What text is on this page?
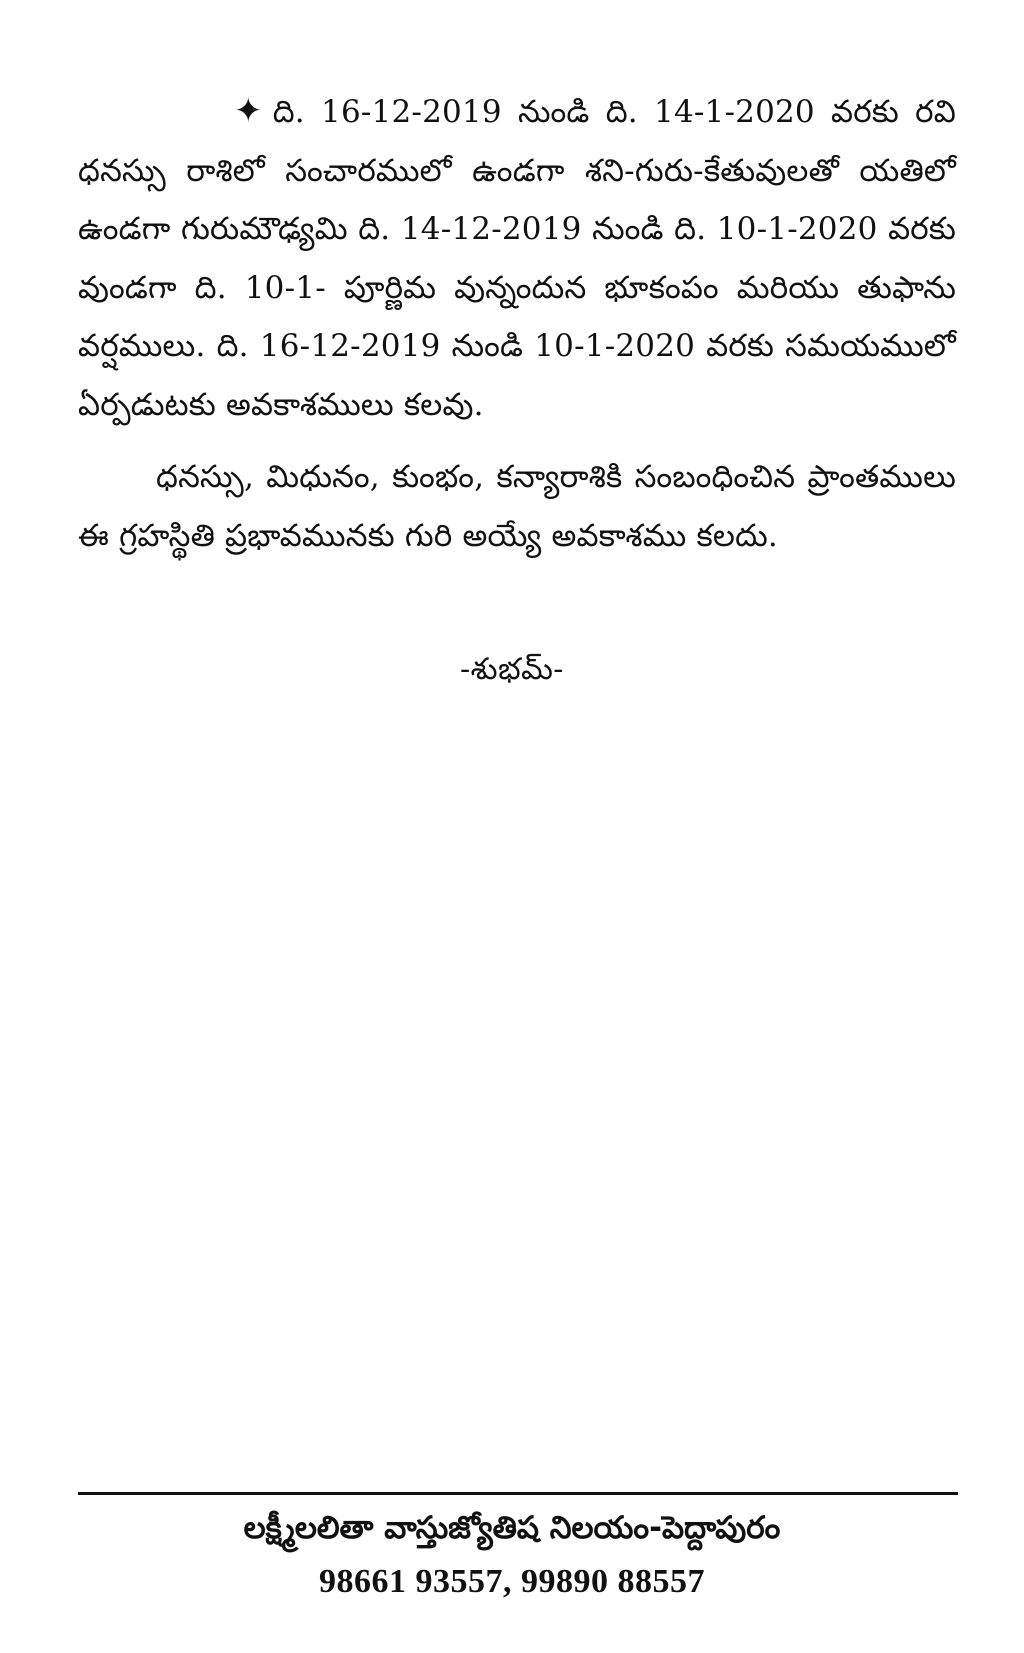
✦ ది. 16-12-2019 నుండి ది. 14-1-2020 వరకు రవి ధనస్సు రాశిలో సంచారములో ఉండగా శని-గురు-కేతువులతో యతిలో ఉండగా గురుమౌఢ్యమి ది. 14-12-2019 నుండి ది. 10-1-2020 వరకు వుండగా ది. 10-1- పూర్ణిమ వున్నందున భూకంపం మరియు తుఫాను వర్షములు. ది. 16-12-2019 నుండి 10-1-2020 వరకు సమయములో ఏర్పడుటకు అవకాశములు కలవు.

ధనస్సు, మిధునం, కుంభం, కన్యారాశికి సంబంధించిన ప్రాంతములు ఈ గ్రహస్థితి ప్రభావమునకు గురి అయ్యే అవకాశము కలదు.

-శుభమ్-
లక్ష్మీలలితా వాస్తుజ్యోతిష నిలయం-పెద్దాపురం
98661 93557, 99890 88557
